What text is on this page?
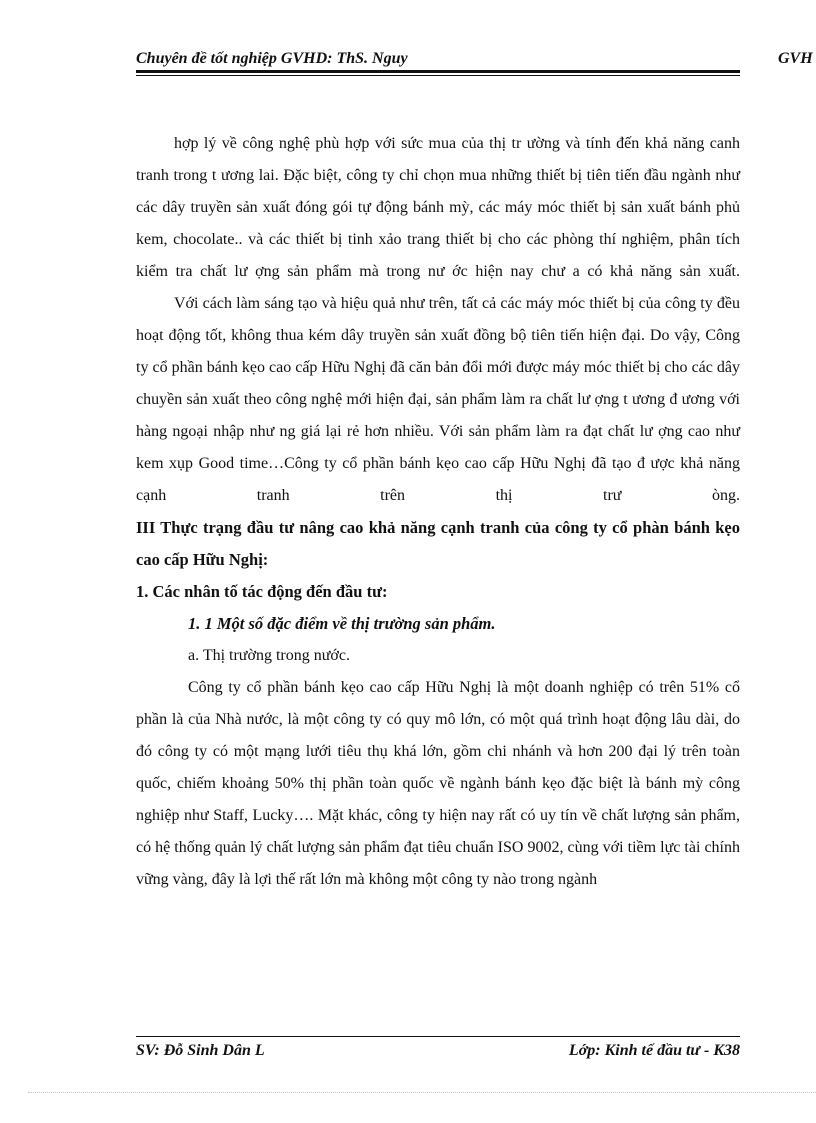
Chuyên đề tốt nghiệp GVHD: ThS. Nguy	GVH

hợp lý về công nghệ phù hợp với sức mua của thị tr ường và tính đến khả năng canh tranh trong t ương lai. Đặc biệt, công ty chỉ chọn mua những thiết bị tiên tiến đầu ngành như các dây truyền sản xuất đóng gói tự động bánh mỳ, các máy móc thiết bị sản xuất bánh phủ kem, chocolate.. và các thiết bị tinh xảo trang thiết bị cho các phòng thí nghiệm, phân tích kiểm tra chất lư ợng sản phẩm mà trong nư ớc hiện nay chư a có khả năng sản xuất.

Với cách làm sáng tạo và hiệu quả như trên, tất cả các máy móc thiết bị của công ty đều hoạt động tốt, không thua kém dây truyền sản xuất đồng bộ tiên tiến hiện đại. Do vậy, Công ty cổ phần bánh kẹo cao cấp Hữu Nghị đã căn bản đổi mới được máy móc thiết bị cho các dây chuyền sản xuất theo công nghệ mới hiện đại, sản phẩm làm ra chất lư ợng t ương đ ương với hàng ngoại nhập như ng giá lại rẻ hơn nhiều. Với sản phẩm làm ra đạt chất lư ợng cao như kem xụp Good time…Công ty cổ phần bánh kẹo cao cấp Hữu Nghị đã tạo đ ược khả năng cạnh tranh trên thị trư òng.

III Thực trạng đầu tư nâng cao khả năng cạnh tranh của công ty cổ phàn bánh kẹo cao cấp Hữu Nghị:

1. Các nhân tố tác động đến đầu tư:

1. 1 Một số đặc điểm về thị trường sản phẩm.

a. Thị trường trong nước.

Công ty cổ phần bánh kẹo cao cấp Hữu Nghị là một doanh nghiệp có trên 51% cổ phần là của Nhà nước, là một công ty có quy mô lớn, có một quá trình hoạt động lâu dài, do đó công ty có một mạng lưới tiêu thụ khá lớn, gồm chi nhánh và hơn 200 đại lý trên toàn quốc, chiếm khoảng 50% thị phần toàn quốc về ngành bánh kẹo đặc biệt là bánh mỳ công nghiệp như Staff, Lucky…. Mặt khác, công ty hiện nay rất có uy tín về chất lượng sản phẩm, có hệ thống quản lý chất lượng sản phẩm đạt tiêu chuẩn ISO 9002, cùng với tiềm lực tài chính vững vàng, đây là lợi thế rất lớn mà không một công ty nào trong ngành

SV: Đỗ Sinh Dân L	Lớp: Kinh tế đầu tư - K38
